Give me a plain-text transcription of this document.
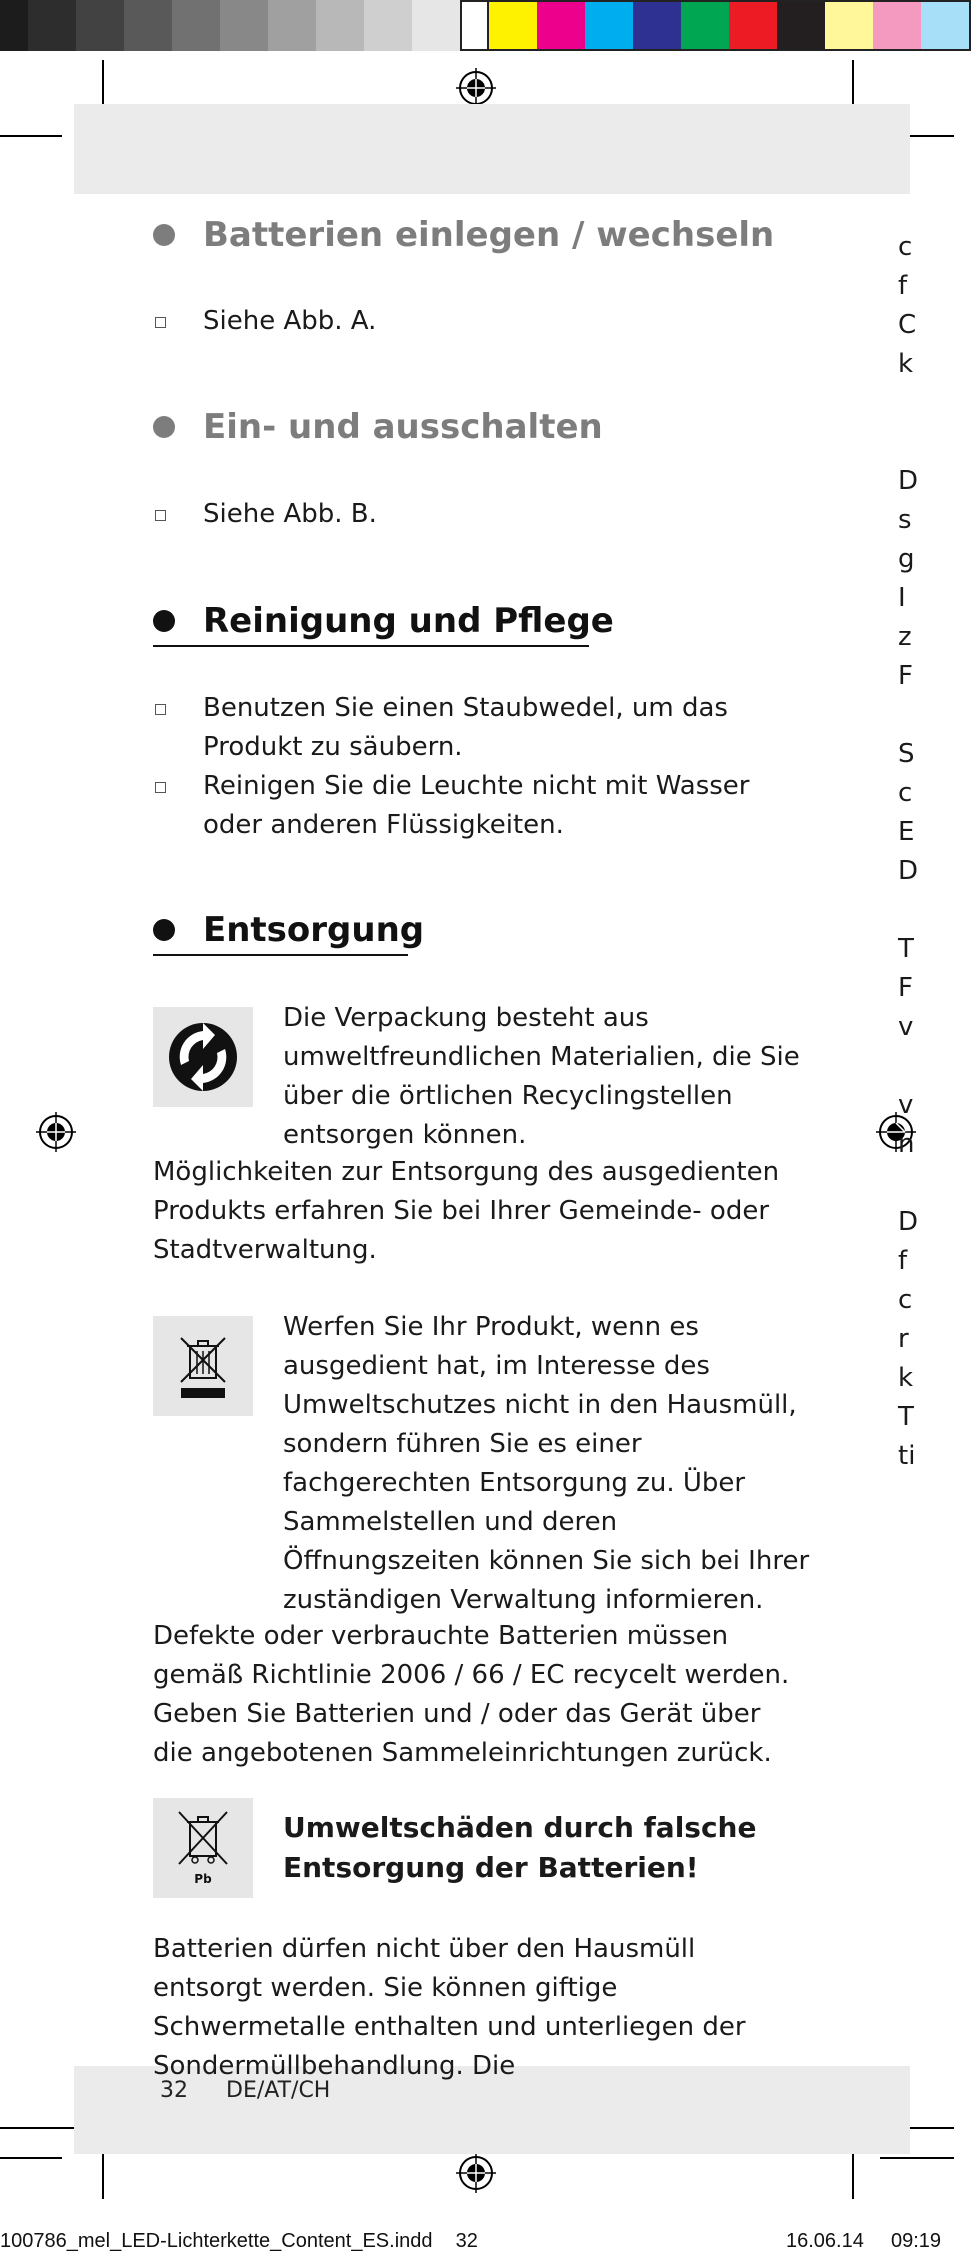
Batterien einlegen / wechseln
Siehe Abb. A.
Ein- und ausschalten
Siehe Abb. B.
Reinigung und Pflege
Benutzen Sie einen Staubwedel, um das Produkt zu säubern.
Reinigen Sie die Leuchte nicht mit Wasser oder anderen Flüssigkeiten.
Entsorgung
Die Verpackung besteht aus umweltfreundlichen Materialien, die Sie über die örtlichen Recyclingstellen entsorgen können.
Möglichkeiten zur Entsorgung des ausgedienten Produkts erfahren Sie bei Ihrer Gemeinde- oder Stadtverwaltung.
Werfen Sie Ihr Produkt, wenn es ausgedient hat, im Interesse des Umweltschutzes nicht in den Hausmüll, sondern führen Sie es einer fachgerechten Entsorgung zu. Über Sammelstellen und deren Öffnungszeiten können Sie sich bei Ihrer zuständigen Verwaltung informieren.
Defekte oder verbrauchte Batterien müssen gemäß Richtlinie 2006 / 66 / EC recycelt werden. Geben Sie Batterien und / oder das Gerät über die angebotenen Sammeleinrichtungen zurück.
Pb
Umweltschäden durch falsche Entsorgung der Batterien!
Batterien dürfen nicht über den Hausmüll entsorgt werden. Sie können giftige Schwermetalle enthalten und unterliegen der Sondermüllbehandlung. Die
c
f
C
k

D
s
g
I
z
F

S
c
E
D

T
F
v

v
n

D
f
c
r
k
T
ti
32 DE/AT/CH
100786_mel_LED-Lichterkette_Content_ES.indd 32	16.06.14 09:19
